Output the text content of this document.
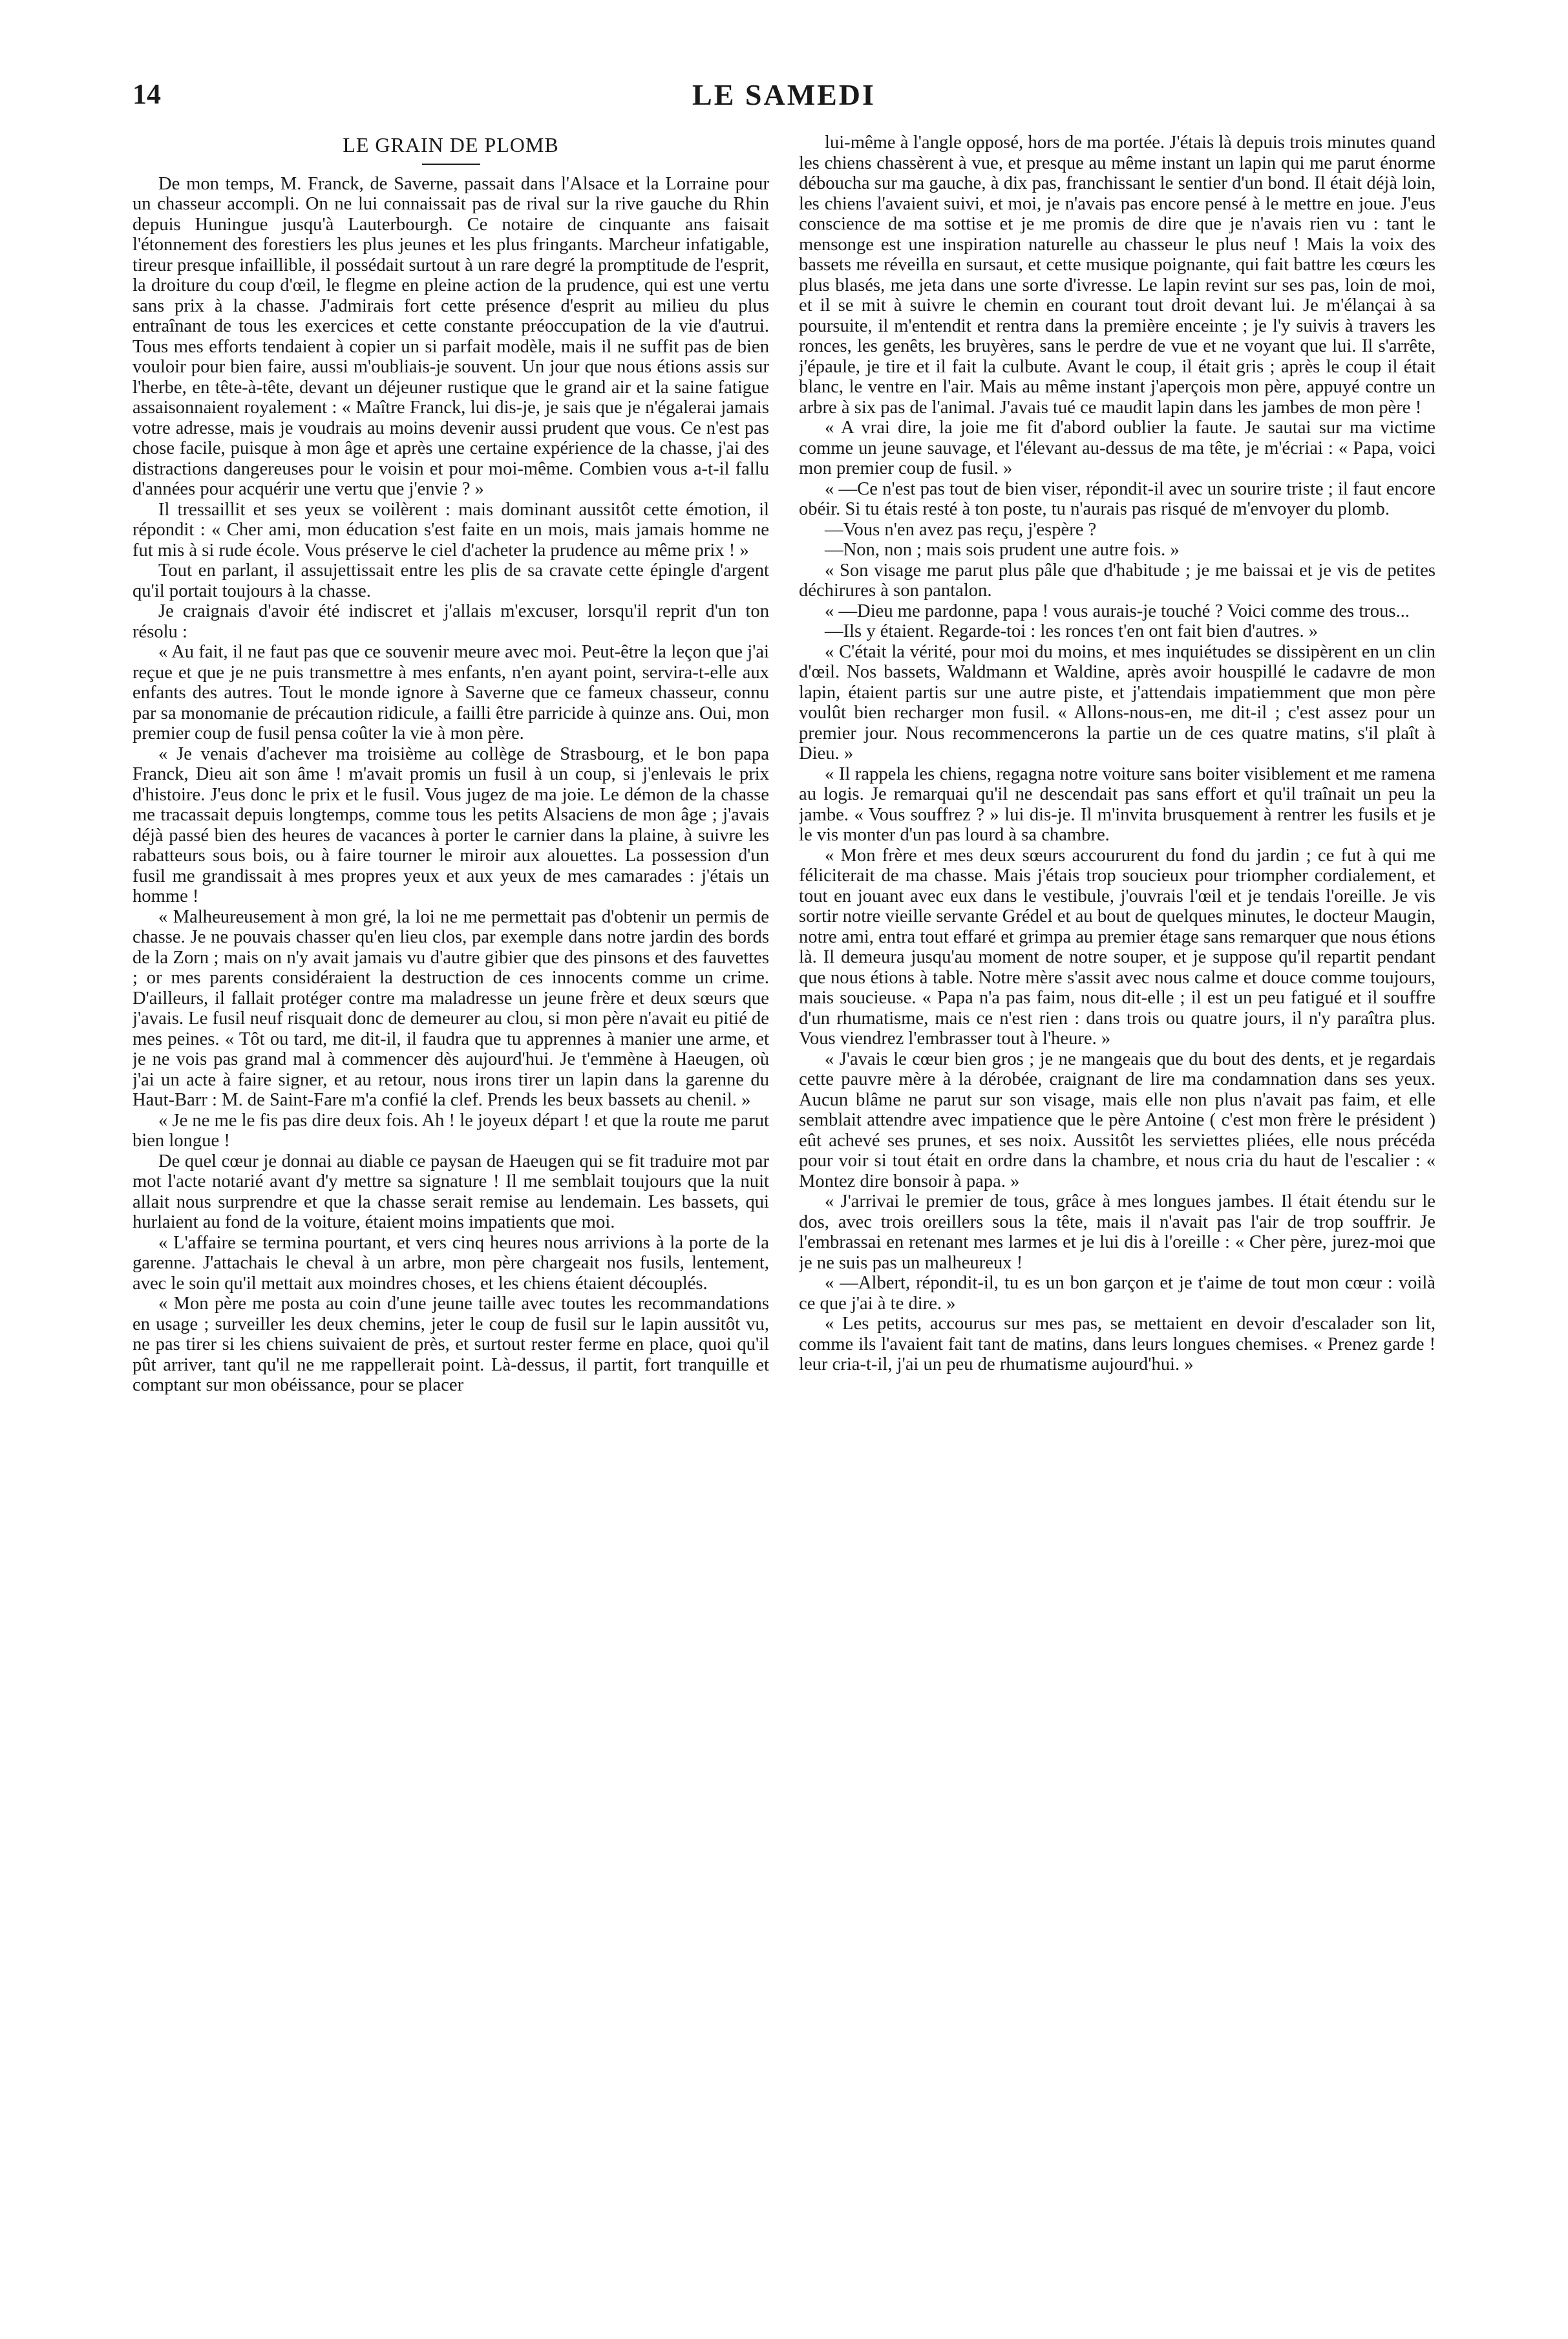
14	LE SAMEDI
LE GRAIN DE PLOMB

De mon temps, M. Franck, de Saverne, passait dans l'Alsace et la Lorraine pour un chasseur accompli. On ne lui connaissait pas de rival sur la rive gauche du Rhin depuis Huningue jusqu'à Lauterbourgh. Ce notaire de cinquante ans faisait l'étonnement des forestiers les plus jeunes et les plus fringants. Marcheur infatigable, tireur presque infaillible, il possédait surtout à un rare degré la promptitude de l'esprit, la droiture du coup d'œil, le flegme en pleine action de la prudence, qui est une vertu sans prix à la chasse. J'admirais fort cette présence d'esprit au milieu du plus entraînant de tous les exercices et cette constante préoccupation de la vie d'autrui. Tous mes efforts tendaient à copier un si parfait modèle, mais il ne suffit pas de bien vouloir pour bien faire, aussi m'oubliais-je souvent. Un jour que nous étions assis sur l'herbe, en tête-à-tête, devant un déjeuner rustique que le grand air et la saine fatigue assaisonnaient royalement : « Maître Franck, lui dis-je, je sais que je n'égalerai jamais votre adresse, mais je voudrais au moins devenir aussi prudent que vous. Ce n'est pas chose facile, puisque à mon âge et après une certaine expérience de la chasse, j'ai des distractions dangereuses pour le voisin et pour moi-même. Combien vous a-t-il fallu d'années pour acquérir une vertu que j'envie ? »

Il tressaillit et ses yeux se voilèrent : mais dominant aussitôt cette émotion, il répondit : « Cher ami, mon éducation s'est faite en un mois, mais jamais homme ne fut mis à si rude école. Vous préserve le ciel d'acheter la prudence au même prix ! »

Tout en parlant, il assujettissait entre les plis de sa cravate cette épingle d'argent qu'il portait toujours à la chasse.

Je craignais d'avoir été indiscret et j'allais m'excuser, lorsqu'il reprit d'un ton résolu :

« Au fait, il ne faut pas que ce souvenir meure avec moi. Peut-être la leçon que j'ai reçue et que je ne puis transmettre à mes enfants, n'en ayant point, servira-t-elle aux enfants des autres. Tout le monde ignore à Saverne que ce fameux chasseur, connu par sa monomanie de précaution ridicule, a failli être parricide à quinze ans. Oui, mon premier coup de fusil pensa coûter la vie à mon père.

« Je venais d'achever ma troisième au collège de Strasbourg, et le bon papa Franck, Dieu ait son âme ! m'avait promis un fusil à un coup, si j'enlevais le prix d'histoire. J'eus donc le prix et le fusil. Vous jugez de ma joie. Le démon de la chasse me tracassait depuis longtemps, comme tous les petits Alsaciens de mon âge ; j'avais déjà passé bien des heures de vacances à porter le carnier dans la plaine, à suivre les rabatteurs sous bois, ou à faire tourner le miroir aux alouettes. La possession d'un fusil me grandissait à mes propres yeux et aux yeux de mes camarades : j'étais un homme !

« Malheureusement à mon gré, la loi ne me permettait pas d'obtenir un permis de chasse. Je ne pouvais chasser qu'en lieu clos, par exemple dans notre jardin des bords de la Zorn ; mais on n'y avait jamais vu d'autre gibier que des pinsons et des fauvettes ; or mes parents considéraient la destruction de ces innocents comme un crime. D'ailleurs, il fallait protéger contre ma maladresse un jeune frère et deux sœurs que j'avais. Le fusil neuf risquait donc de demeurer au clou, si mon père n'avait eu pitié de mes peines. « Tôt ou tard, me dit-il, il faudra que tu apprennes à manier une arme, et je ne vois pas grand mal à commencer dès aujourd'hui. Je t'emmène à Haeugen, où j'ai un acte à faire signer, et au retour, nous irons tirer un lapin dans la garenne du Haut-Barr : M. de Saint-Fare m'a confié la clef. Prends les beux bassets au chenil. »

« Je ne me le fis pas dire deux fois. Ah ! le joyeux départ ! et que la route me parut bien longue !

De quel cœur je donnai au diable ce paysan de Haeugen qui se fit traduire mot par mot l'acte notarié avant d'y mettre sa signature ! Il me semblait toujours que la nuit allait nous surprendre et que la chasse serait remise au lendemain. Les bassets, qui hurlaient au fond de la voiture, étaient moins impatients que moi.

« L'affaire se termina pourtant, et vers cinq heures nous arrivions à la porte de la garenne. J'attachais le cheval à un arbre, mon père chargeait nos fusils, lentement, avec le soin qu'il mettait aux moindres choses, et les chiens étaient découplés.

« Mon père me posta au coin d'une jeune taille avec toutes les recommandations en usage ; surveiller les deux chemins, jeter le coup de fusil sur le lapin aussitôt vu, ne pas tirer si les chiens suivaient de près, et surtout rester ferme en place, quoi qu'il pût arriver, tant qu'il ne me rappellerait point. Là-dessus, il partit, fort tranquille et comptant sur mon obéissance, pour se placer

lui-même à l'angle opposé, hors de ma portée. J'étais là depuis trois minutes quand les chiens chassèrent à vue, et presque au même instant un lapin qui me parut énorme déboucha sur ma gauche, à dix pas, franchissant le sentier d'un bond. Il était déjà loin, les chiens l'avaient suivi, et moi, je n'avais pas encore pensé à le mettre en joue. J'eus conscience de ma sottise et je me promis de dire que je n'avais rien vu : tant le mensonge est une inspiration naturelle au chasseur le plus neuf ! Mais la voix des bassets me réveilla en sursaut, et cette musique poignante, qui fait battre les cœurs les plus blasés, me jeta dans une sorte d'ivresse. Le lapin revint sur ses pas, loin de moi, et il se mit à suivre le chemin en courant tout droit devant lui. Je m'élançai à sa poursuite, il m'entendit et rentra dans la première enceinte ; je l'y suivis à travers les ronces, les genêts, les bruyères, sans le perdre de vue et ne voyant que lui. Il s'arrête, j'épaule, je tire et il fait la culbute. Avant le coup, il était gris ; après le coup il était blanc, le ventre en l'air. Mais au même instant j'aperçois mon père, appuyé contre un arbre à six pas de l'animal. J'avais tué ce maudit lapin dans les jambes de mon père !

« A vrai dire, la joie me fit d'abord oublier la faute. Je sautai sur ma victime comme un jeune sauvage, et l'élevant au-dessus de ma tête, je m'écriai : « Papa, voici mon premier coup de fusil. »

« —Ce n'est pas tout de bien viser, répondit-il avec un sourire triste ; il faut encore obéir. Si tu étais resté à ton poste, tu n'aurais pas risqué de m'envoyer du plomb.

—Vous n'en avez pas reçu, j'espère ?

—Non, non ; mais sois prudent une autre fois. »

« Son visage me parut plus pâle que d'habitude ; je me baissai et je vis de petites déchirures à son pantalon.

« —Dieu me pardonne, papa ! vous aurais-je touché ? Voici comme des trous...

—Ils y étaient. Regarde-toi : les ronces t'en ont fait bien d'autres. »

« C'était la vérité, pour moi du moins, et mes inquiétudes se dissipèrent en un clin d'œil. Nos bassets, Waldmann et Waldine, après avoir houspillé le cadavre de mon lapin, étaient partis sur une autre piste, et j'attendais impatiemment que mon père voulût bien recharger mon fusil. « Allons-nous-en, me dit-il ; c'est assez pour un premier jour. Nous recommencerons la partie un de ces quatre matins, s'il plaît à Dieu. »

« Il rappela les chiens, regagna notre voiture sans boiter visiblement et me ramena au logis. Je remarquai qu'il ne descendait pas sans effort et qu'il traînait un peu la jambe. « Vous souffrez ? » lui dis-je. Il m'invita brusquement à rentrer les fusils et je le vis monter d'un pas lourd à sa chambre.

« Mon frère et mes deux sœurs accoururent du fond du jardin ; ce fut à qui me féliciterait de ma chasse. Mais j'étais trop soucieux pour triompher cordialement, et tout en jouant avec eux dans le vestibule, j'ouvrais l'œil et je tendais l'oreille. Je vis sortir notre vieille servante Grédel et au bout de quelques minutes, le docteur Maugin, notre ami, entra tout effaré et grimpa au premier étage sans remarquer que nous étions là. Il demeura jusqu'au moment de notre souper, et je suppose qu'il repartit pendant que nous étions à table. Notre mère s'assit avec nous calme et douce comme toujours, mais soucieuse. « Papa n'a pas faim, nous dit-elle ; il est un peu fatigué et il souffre d'un rhumatisme, mais ce n'est rien : dans trois ou quatre jours, il n'y paraîtra plus. Vous viendrez l'embrasser tout à l'heure. »

« J'avais le cœur bien gros ; je ne mangeais que du bout des dents, et je regardais cette pauvre mère à la dérobée, craignant de lire ma condamnation dans ses yeux. Aucun blâme ne parut sur son visage, mais elle non plus n'avait pas faim, et elle semblait attendre avec impatience que le père Antoine ( c'est mon frère le président ) eût achevé ses prunes, et ses noix. Aussitôt les serviettes pliées, elle nous précéda pour voir si tout était en ordre dans la chambre, et nous cria du haut de l'escalier : « Montez dire bonsoir à papa. »

« J'arrivai le premier de tous, grâce à mes longues jambes. Il était étendu sur le dos, avec trois oreillers sous la tête, mais il n'avait pas l'air de trop souffrir. Je l'embrassai en retenant mes larmes et je lui dis à l'oreille : « Cher père, jurez-moi que je ne suis pas un malheureux !

« —Albert, répondit-il, tu es un bon garçon et je t'aime de tout mon cœur : voilà ce que j'ai à te dire. »

« Les petits, accourus sur mes pas, se mettaient en devoir d'escalader son lit, comme ils l'avaient fait tant de matins, dans leurs longues chemises. « Prenez garde ! leur cria-t-il, j'ai un peu de rhumatisme aujourd'hui. »
